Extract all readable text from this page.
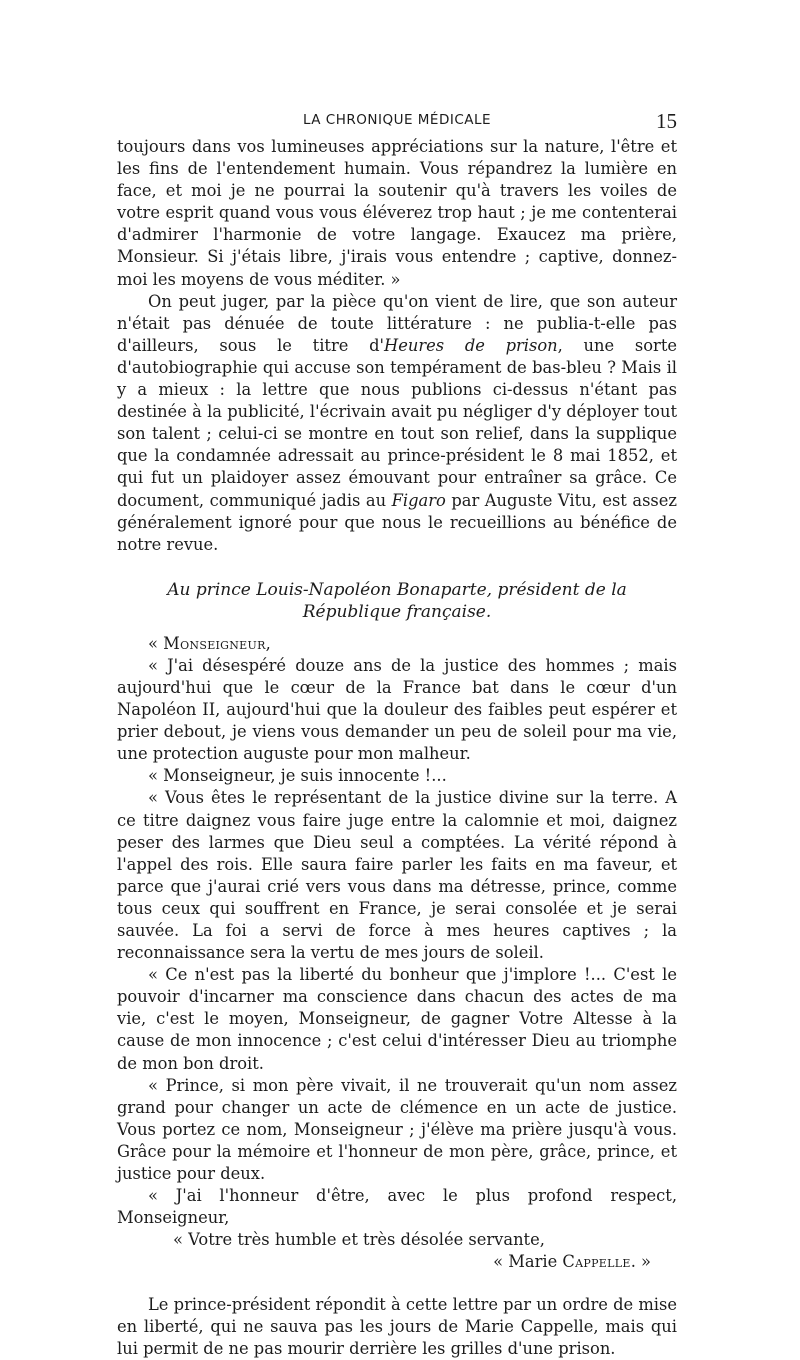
LA CHRONIQUE MÉDICALE	15

toujours dans vos lumineuses appréciations sur la nature, l'être et les fins de l'entendement humain. Vous répandrez la lumière en face, et moi je ne pourrai la soutenir qu'à travers les voiles de votre esprit quand vous vous éléverez trop haut ; je me contenterai d'admirer l'harmonie de votre langage. Exaucez ma prière, Monsieur. Si j'étais libre, j'irais vous entendre ; captive, donnez-moi les moyens de vous méditer. »

On peut juger, par la pièce qu'on vient de lire, que son auteur n'était pas dénuée de toute littérature : ne publia-t-elle pas d'ailleurs, sous le titre d'Heures de prison, une sorte d'autobiographie qui accuse son tempérament de bas-bleu ? Mais il y a mieux : la lettre que nous publions ci-dessus n'étant pas destinée à la publicité, l'écrivain avait pu négliger d'y déployer tout son talent ; celui-ci se montre en tout son relief, dans la supplique que la condamnée adressait au prince-président le 8 mai 1852, et qui fut un plaidoyer assez émouvant pour entraîner sa grâce. Ce document, communiqué jadis au Figaro par Auguste Vitu, est assez généralement ignoré pour que nous le recueillions au bénéfice de notre revue.

Au prince Louis-Napoléon Bonaparte, président de la République française.

« Monseigneur,

« J'ai désespéré douze ans de la justice des hommes ; mais aujourd'hui que le cœur de la France bat dans le cœur d'un Napoléon II, aujourd'hui que la douleur des faibles peut espérer et prier debout, je viens vous demander un peu de soleil pour ma vie, une protection auguste pour mon malheur.

« Monseigneur, je suis innocente !...

« Vous êtes le représentant de la justice divine sur la terre. A ce titre daignez vous faire juge entre la calomnie et moi, daignez peser des larmes que Dieu seul a comptées. La vérité répond à l'appel des rois. Elle saura faire parler les faits en ma faveur, et parce que j'aurai crié vers vous dans ma détresse, prince, comme tous ceux qui souffrent en France, je serai consolée et je serai sauvée. La foi a servi de force à mes heures captives ; la reconnaissance sera la vertu de mes jours de soleil.

« Ce n'est pas la liberté du bonheur que j'implore !... C'est le pouvoir d'incarner ma conscience dans chacun des actes de ma vie, c'est le moyen, Monseigneur, de gagner Votre Altesse à la cause de mon innocence ; c'est celui d'intéresser Dieu au triomphe de mon bon droit.

« Prince, si mon père vivait, il ne trouverait qu'un nom assez grand pour changer un acte de clémence en un acte de justice. Vous portez ce nom, Monseigneur ; j'élève ma prière jusqu'à vous. Grâce pour la mémoire et l'honneur de mon père, grâce, prince, et justice pour deux.

« J'ai l'honneur d'être, avec le plus profond respect, Monseigneur,

« Votre très humble et très désolée servante,

« Marie Cappelle. »

Le prince-président répondit à cette lettre par un ordre de mise en liberté, qui ne sauva pas les jours de Marie Cappelle, mais qui lui permit de ne pas mourir derrière les grilles d'une prison.
